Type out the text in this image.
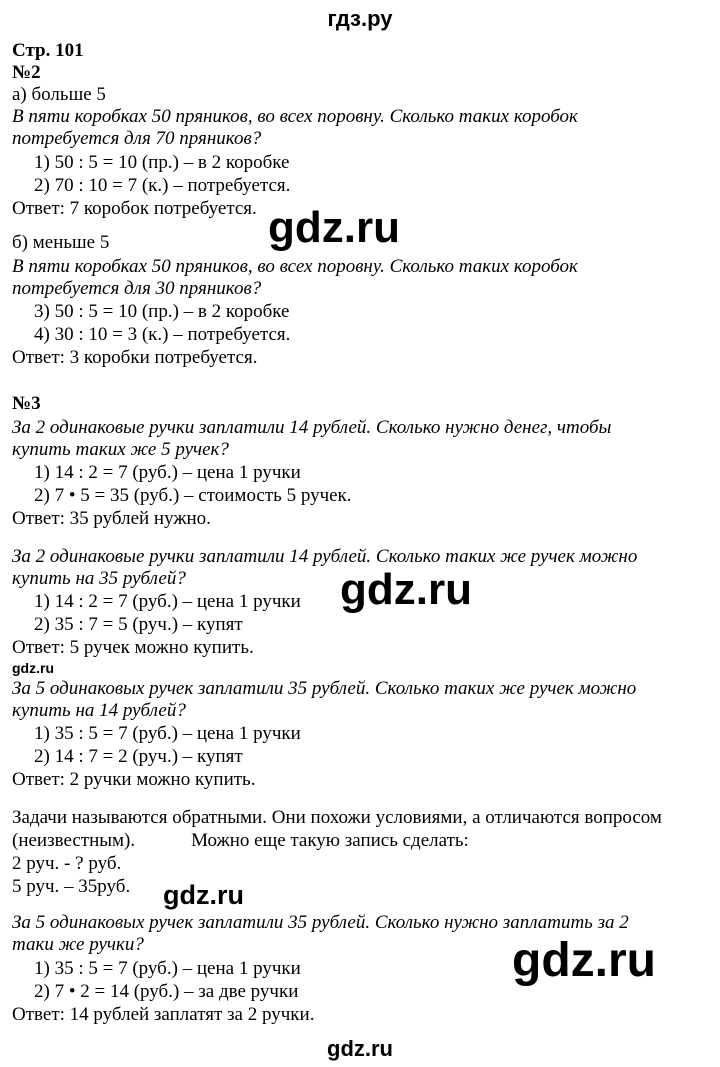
гдз.ру
Стр. 101
№2
а) больше 5
В пяти коробках 50 пряников, во всех поровну. Сколько таких коробок
потребуется для 70 пряников?
1) 50 : 5 = 10 (пр.) – в 2 коробке
2) 70 : 10 = 7 (к.) – потребуется.
Ответ: 7 коробок потребуется. gdz.ru
б) меньше 5
В пяти коробках 50 пряников, во всех поровну. Сколько таких коробок
потребуется для 30 пряников?
3) 50 : 5 = 10 (пр.) – в 2 коробке
4) 30 : 10 = 3 (к.) – потребуется.
Ответ: 3 коробки потребуется.
№3
За 2 одинаковые ручки заплатили 14 рублей. Сколько нужно денег, чтобы
купить таких же 5 ручек?
1) 14 : 2 = 7 (руб.) – цена 1 ручки
2) 7 • 5 = 35 (руб.) – стоимость 5 ручек.
Ответ: 35 рублей нужно.
За 2 одинаковые ручки заплатили 14 рублей. Сколько таких же ручек можно
купить на 35 рублей?
1) 14 : 2 = 7 (руб.) – цена 1 ручки
2) 35 : 7 = 5 (руч.) – купят
Ответ: 5 ручек можно купить.
gdz.ru
gdz.ru
За 5 одинаковых ручек заплатили 35 рублей. Сколько таких же ручек можно
купить на 14 рублей?
1) 35 : 5 = 7 (руб.) – цена 1 ручки
2) 14 : 7 = 2 (руч.) – купят
Ответ: 2 ручки можно купить.
Задачи называются обратными. Они похожи условиями, а отличаются вопросом
(неизвестным).	Можно еще такую запись сделать:
2 руч. - ? руб.
5 руч. – 35руб. gdz.ru
За 5 одинаковых ручек заплатили 35 рублей. Сколько нужно заплатить за 2
таки же ручки?
1) 35 : 5 = 7 (руб.) – цена 1 ручки
2) 7 • 2 = 14 (руб.) – за две ручки
Ответ: 14 рублей заплатят за 2 ручки.
gdz.ru
gdz.ru
